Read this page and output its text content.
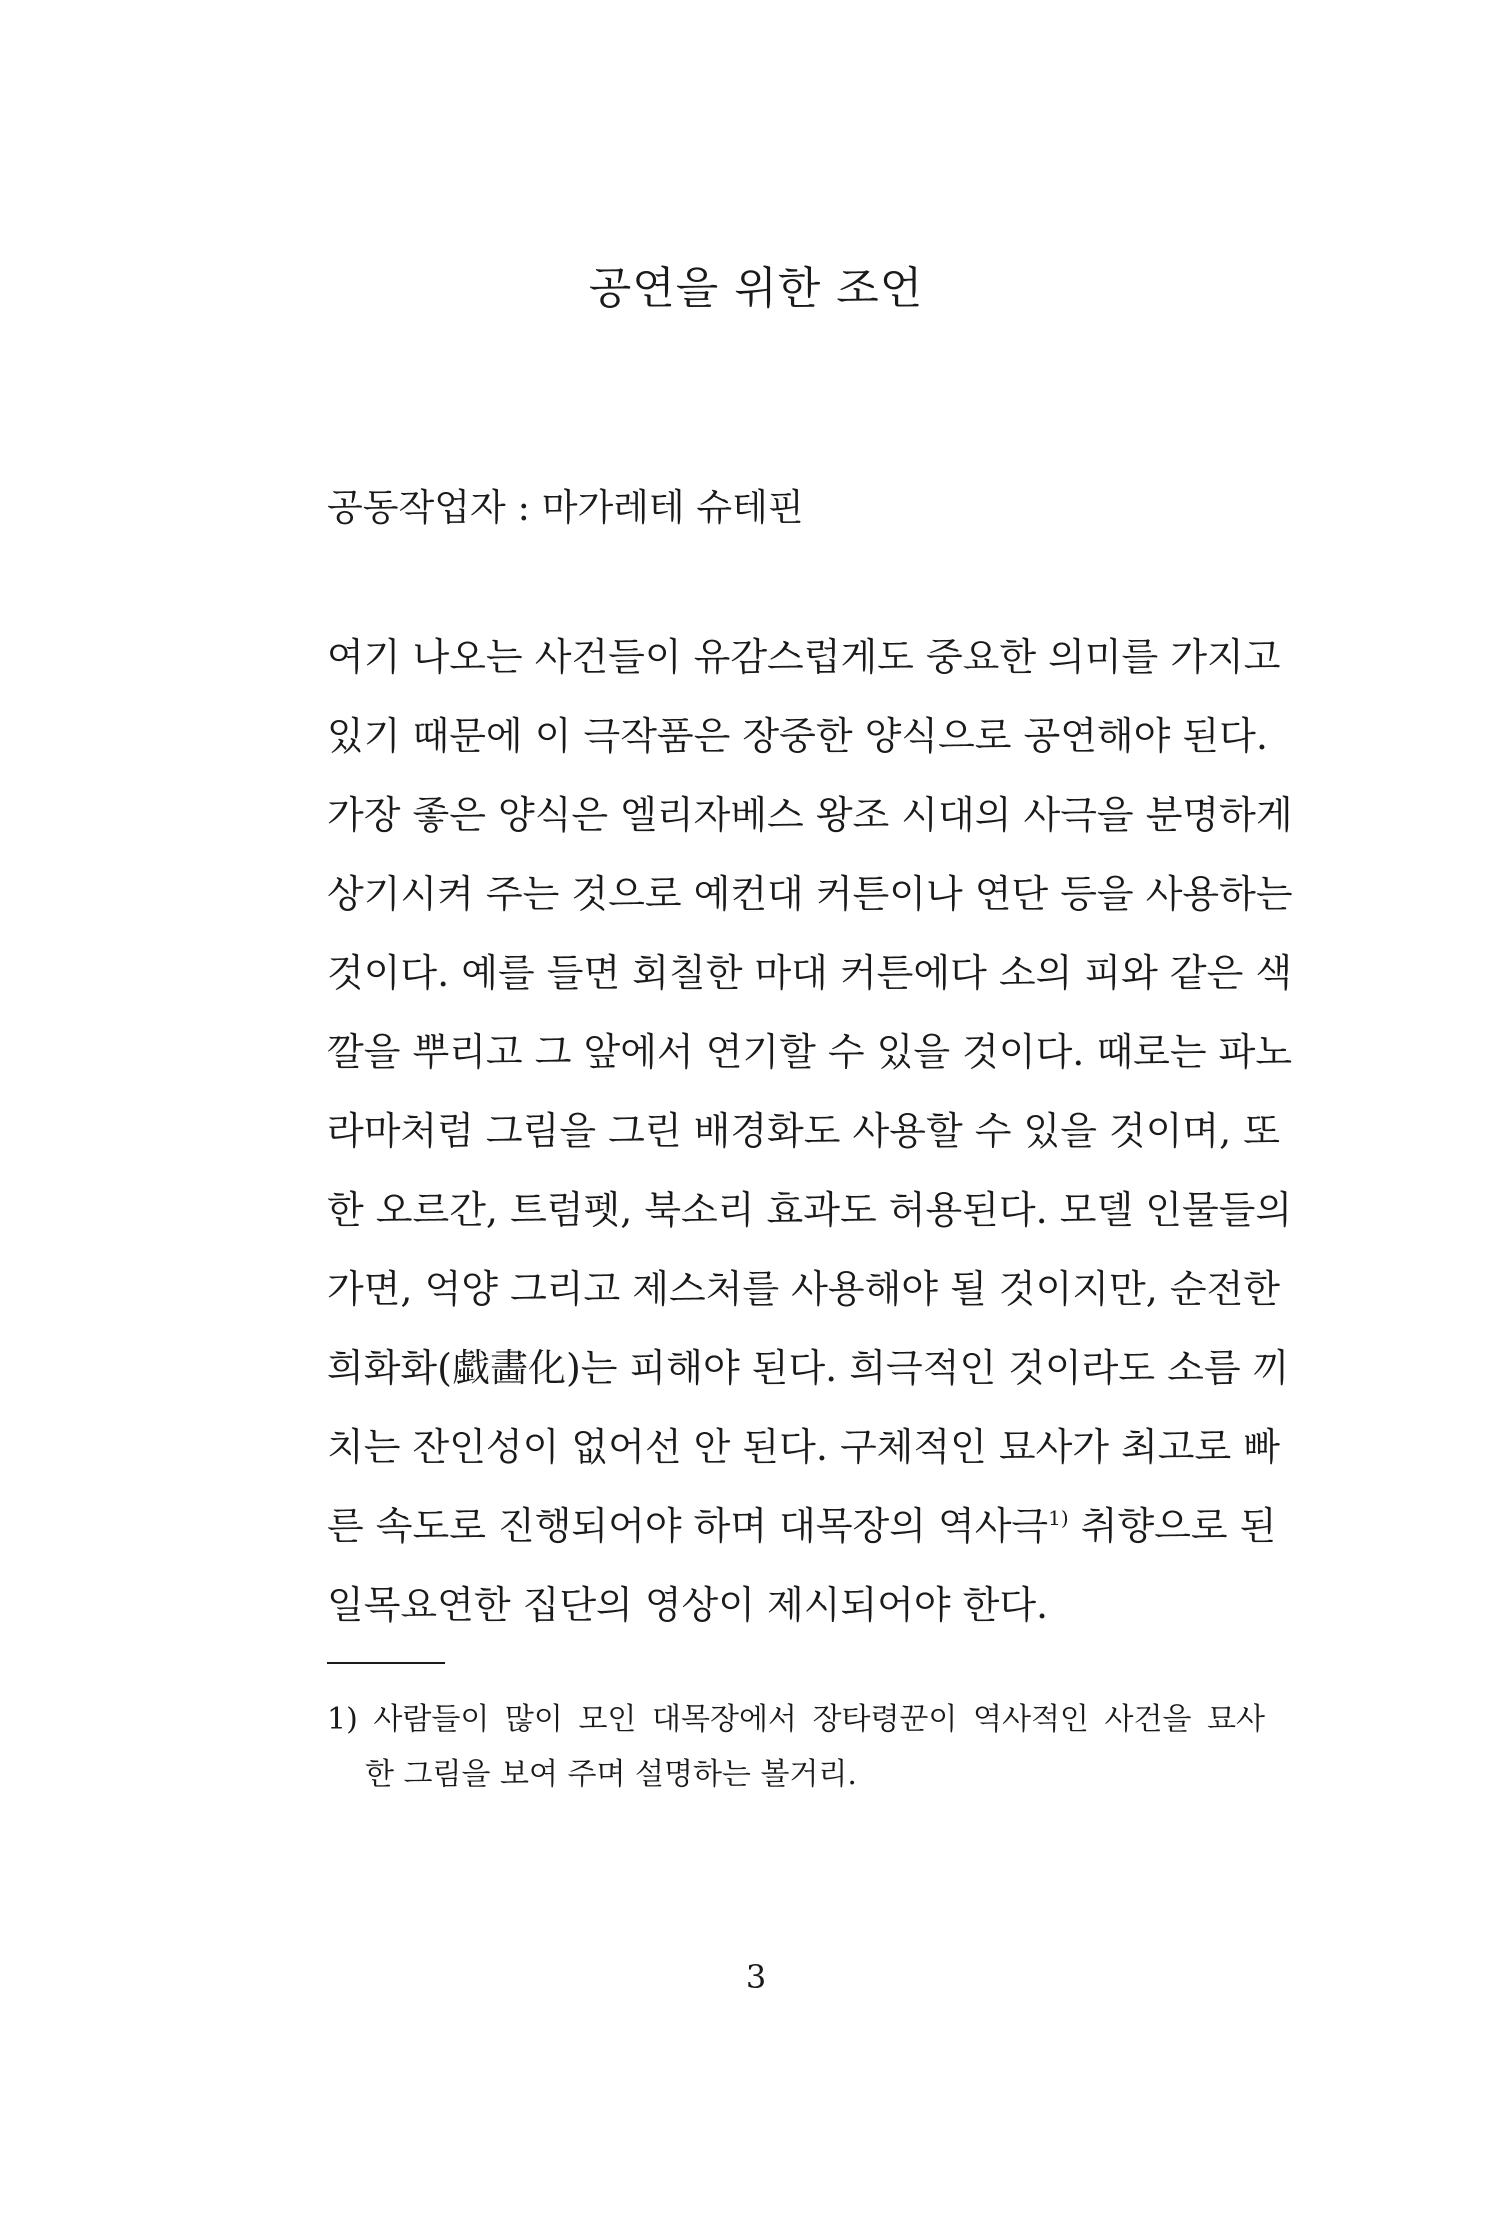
공연을 위한 조언

공동작업자 : 마가레테 슈테핀

여기 나오는 사건들이 유감스럽게도 중요한 의미를 가지고
있기 때문에 이 극작품은 장중한 양식으로 공연해야 된다.
가장 좋은 양식은 엘리자베스 왕조 시대의 사극을 분명하게
상기시켜 주는 것으로 예컨대 커튼이나 연단 등을 사용하는
것이다. 예를 들면 회칠한 마대 커튼에다 소의 피와 같은 색
깔을 뿌리고 그 앞에서 연기할 수 있을 것이다. 때로는 파노
라마처럼 그림을 그린 배경화도 사용할 수 있을 것이며, 또
한 오르간, 트럼펫, 북소리 효과도 허용된다. 모델 인물들의
가면, 억양 그리고 제스처를 사용해야 될 것이지만, 순전한
희화화(戱畵化)는 피해야 된다. 희극적인 것이라도 소름 끼
치는 잔인성이 없어선 안 된다. 구체적인 묘사가 최고로 빠
른 속도로 진행되어야 하며 대목장의 역사극$^{1)}$ 취향으로 된
일목요연한 집단의 영상이 제시되어야 한다.
1) 사람들이 많이 모인 대목장에서 장타령꾼이 역사적인 사건을 묘사
한 그림을 보여 주며 설명하는 볼거리.

3
